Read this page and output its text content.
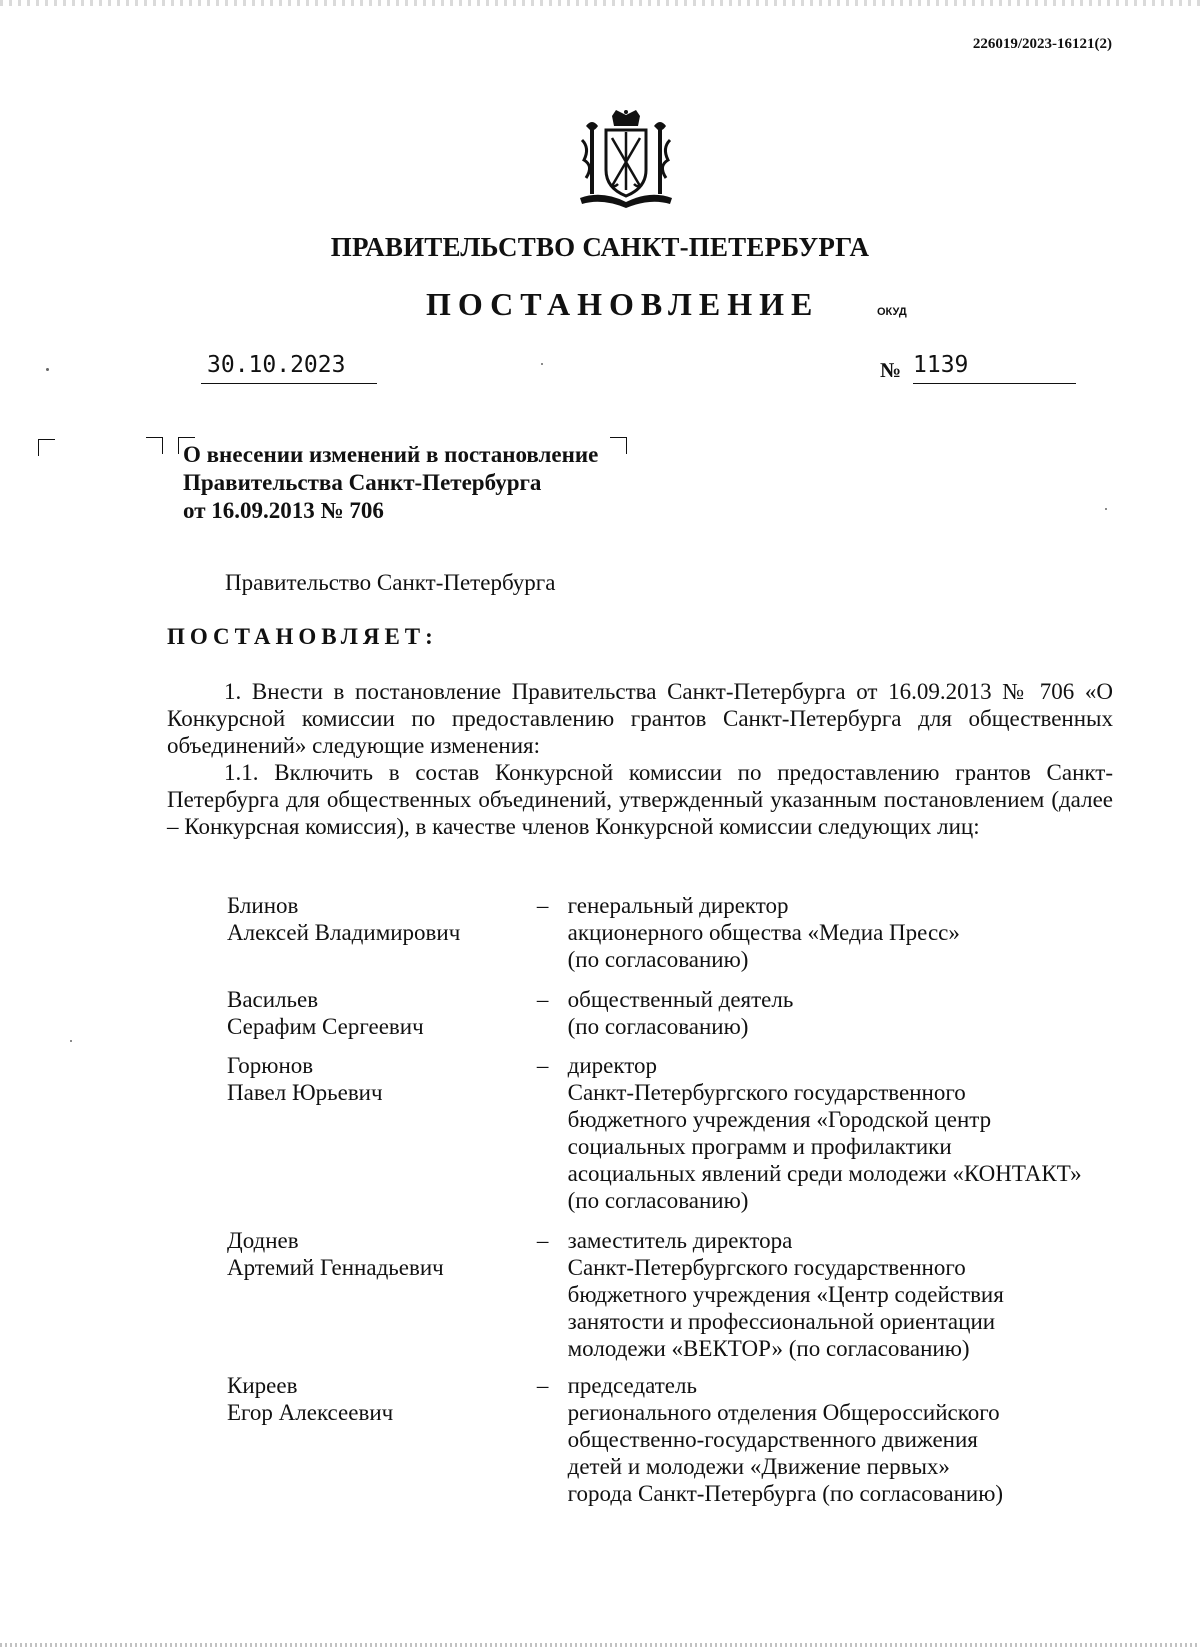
226019/2023-16121(2)
ПРАВИТЕЛЬСТВО САНКТ-ПЕТЕРБУРГА
ПОСТАНОВЛЕНИЕ	ОКУД
30.10.2023	№ 1139
О внесении изменений в постановление
Правительства Санкт-Петербурга
от 16.09.2013 № 706
Правительство Санкт-Петербурга
ПОСТАНОВЛЯЕТ:
1. Внести в постановление Правительства Санкт-Петербурга от 16.09.2013 № 706 «О Конкурсной комиссии по предоставлению грантов Санкт-Петербурга для общественных объединений» следующие изменения:
1.1. Включить в состав Конкурсной комиссии по предоставлению грантов Санкт-Петербурга для общественных объединений, утвержденный указанным постановлением (далее – Конкурсная комиссия), в качестве членов Конкурсной комиссии следующих лиц:
Блинов
Алексей Владимирович
– генеральный директор
акционерного общества «Медиа Пресс»
(по согласованию)
Васильев
Серафим Сергеевич
– общественный деятель
(по согласованию)
Горюнов
Павел Юрьевич
– директор
Санкт-Петербургского государственного
бюджетного учреждения «Городской центр
социальных программ и профилактики
асоциальных явлений среди молодежи «КОНТАКТ»
(по согласованию)
Доднев
Артемий Геннадьевич
– заместитель директора
Санкт-Петербургского государственного
бюджетного учреждения «Центр содействия
занятости и профессиональной ориентации
молодежи «ВЕКТОР» (по согласованию)
Киреев
Егор Алексеевич
– председатель
регионального отделения Общероссийского
общественно-государственного движения
детей и молодежи «Движение первых»
города Санкт-Петербурга (по согласованию)
